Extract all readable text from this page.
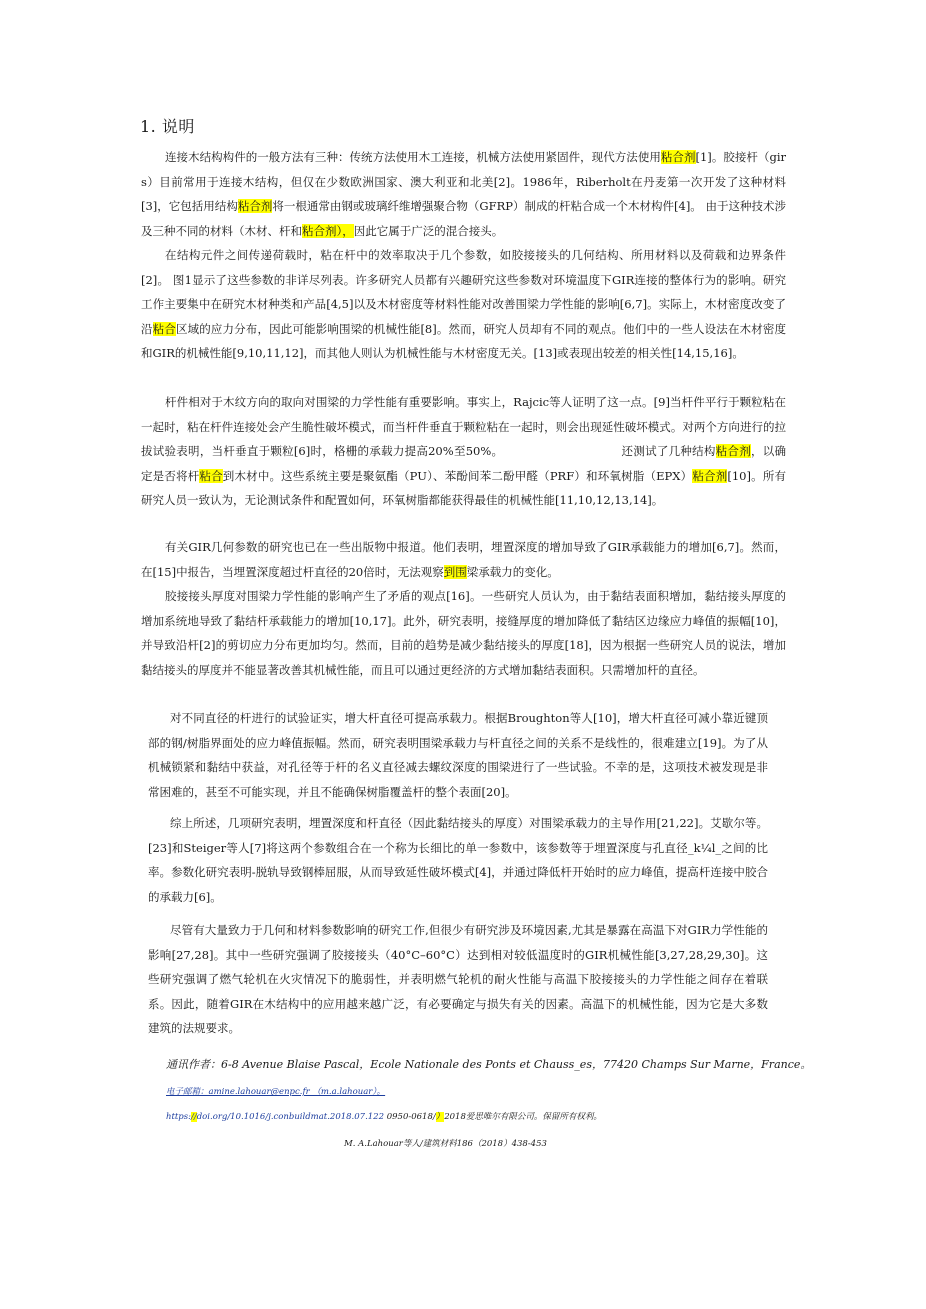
1. 说明
连接木结构构件的一般方法有三种：传统方法使用木工连接，机械方法使用紧固件，现代方法使用粘合剂[1]。胶接杆（girs）目前常用于连接木结构，但仅在少数欧洲国家、澳大利亚和北美[2]。1986年，Riberholt在丹麦第一次开发了这种材料[3]，它包括用结构粘合剂将一根通常由钢或玻璃纤维增强聚合物（GFRP）制成的杆粘合成一个木材构件[4]。 由于这种技术涉及三种不同的材料（木材、杆和粘合剂），因此它属于广泛的混合接头。
在结构元件之间传递荷载时，粘在杆中的效率取决于几个参数，如胶接接头的几何结构、所用材料以及荷载和边界条件[2]。 图1显示了这些参数的非详尽列表。许多研究人员都有兴趣研究这些参数对环境温度下GIR连接的整体行为的影响。研究工作主要集中在研究木材种类和产品[4,5]以及木材密度等材料性能对改善围梁力学性能的影响[6,7]。实际上，木材密度改变了沿粘合区域的应力分布，因此可能影响围梁的机械性能[8]。然而，研究人员却有不同的观点。他们中的一些人设法在木材密度和GIR的机械性能[9,10,11,12]，而其他人则认为机械性能与木材密度无关。[13]或表现出较差的相关性[14,15,16]。
杆件相对于木纹方向的取向对围梁的力学性能有重要影响。事实上，Rajcic等人证明了这一点。[9]当杆件平行于颗粒粘在一起时，粘在杆件连接处会产生脆性破坏模式，而当杆件垂直于颗粒粘在一起时，则会出现延性破坏模式。对两个方向进行的拉拔试验表明，当杆垂直于颗粒[6]时，格栅的承载力提高20%至50%。	还测试了几种结构粘合剂，以确定是否将杆粘合到木材中。这些系统主要是聚氨酯（PU）、苯酚间苯二酚甲醛（PRF）和环氧树脂（EPX）粘合剂[10]。所有研究人员一致认为，无论测试条件和配置如何，环氧树脂都能获得最佳的机械性能[11,10,12,13,14]。
有关GIR几何参数的研究也已在一些出版物中报道。他们表明，埋置深度的增加导致了GIR承载能力的增加[6,7]。然而，在[15]中报告，当埋置深度超过杆直径的20倍时，无法观察到围梁承载力的变化。
胶接接头厚度对围梁力学性能的影响产生了矛盾的观点[16]。一些研究人员认为，由于黏结表面积增加，黏结接头厚度的增加系统地导致了黏结杆承载能力的增加[10,17]。此外，研究表明，接缝厚度的增加降低了黏结区边缘应力峰值的振幅[10]，并导致沿杆[2]的剪切应力分布更加均匀。然而，目前的趋势是减少黏结接头的厚度[18]，因为根据一些研究人员的说法，增加黏结接头的厚度并不能显著改善其机械性能，而且可以通过更经济的方式增加黏结表面积。只需增加杆的直径。
对不同直径的杆进行的试验证实，增大杆直径可提高承载力。根据Broughton等人[10]，增大杆直径可减小靠近键顶部的钢/树脂界面处的应力峰值振幅。然而，研究表明围梁承载力与杆直径之间的关系不是线性的，很难建立[19]。为了从机械锁紧和黏结中获益，对孔径等于杆的名义直径减去螺纹深度的围梁进行了一些试验。不幸的是，这项技术被发现是非常困难的，甚至不可能实现，并且不能确保树脂覆盖杆的整个表面[20]。
综上所述，几项研究表明，埋置深度和杆直径（因此黏结接头的厚度）对围梁承载力的主导作用[21,22]。艾歇尔等。[23]和Steiger等人[7]将这两个参数组合在一个称为长细比的单一参数中，该参数等于埋置深度与孔直径_k¼l_之间的比率。参数化研究表明-脱轨导致钢棒屈服，从而导致延性破坏模式[4]，并通过降低杆开始时的应力峰值，提高杆连接中胶合的承载力[6]。
尽管有大量致力于几何和材料参数影响的研究工作,但很少有研究涉及环境因素,尤其是暴露在高温下对GIR力学性能的影响[27,28]。其中一些研究强调了胶接接头（40°C–60°C）达到相对较低温度时的GIR机械性能[3,27,28,29,30]。这些研究强调了燃气轮机在火灾情况下的脆弱性，并表明燃气轮机的耐火性能与高温下胶接接头的力学性能之间存在着联系。因此，随着GIR在木结构中的应用越来越广泛，有必要确定与损失有关的因素。高温下的机械性能，因为它是大多数建筑的法规要求。
通讯作者：6-8 Avenue Blaise Pascal，Ecole Nationale des Ponts et Chauss_es，77420 Champs Sur Marne，France。
电子邮箱：amine.lahouar@enpc.fr （m.a.lahouar）。
https://doi.org/10.1016/j.conbuildmat.2018.07.122 0950-0618/）2018爱思唯尔有限公司。保留所有权利。
M. A.Lahouar等人/建筑材料186（2018）438-453
